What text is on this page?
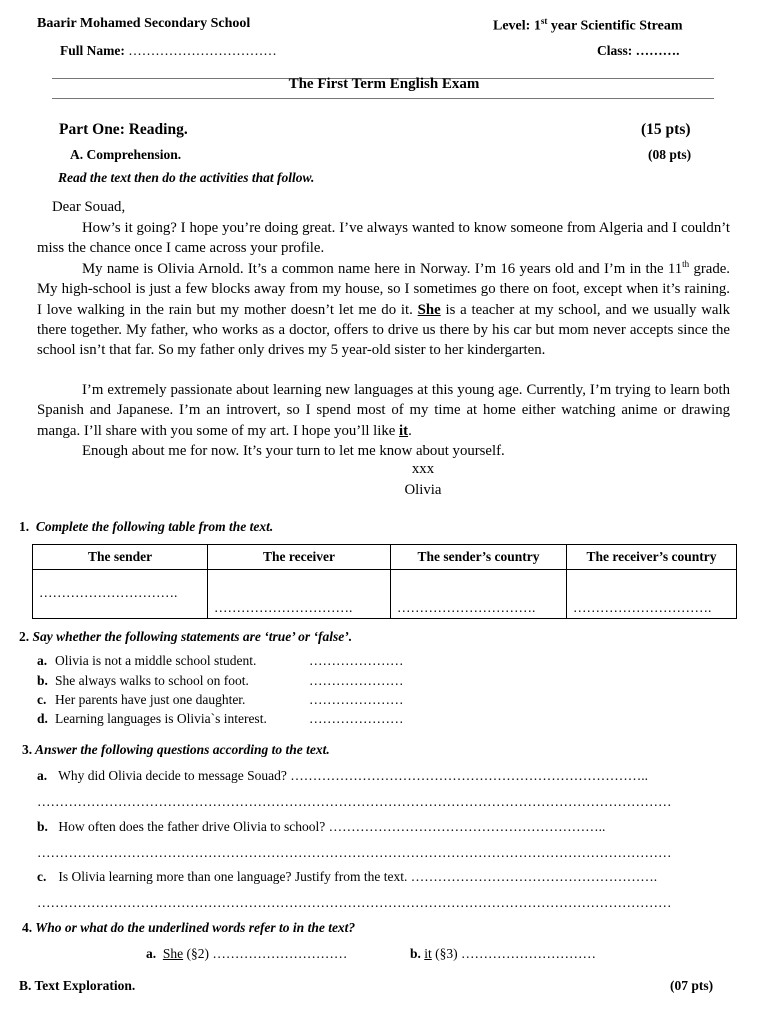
Baarir Mohamed Secondary School	Level: 1st year Scientific Stream
Full Name: ……………………………	Class: ……….
The First Term English Exam
Part One: Reading.	(15 pts)
A. Comprehension.	(08 pts)
Read the text then do the activities that follow.
Dear Souad,
How’s it going? I hope you’re doing great. I’ve always wanted to know someone from Algeria and I couldn’t miss the chance once I came across your profile.
My name is Olivia Arnold. It’s a common name here in Norway. I’m 16 years old and I’m in the 11th grade. My high-school is just a few blocks away from my house, so I sometimes go there on foot, except when it’s raining. I love walking in the rain but my mother doesn’t let me do it. She is a teacher at my school, and we usually walk there together. My father, who works as a doctor, offers to drive us there by his car but mom never accepts since the school isn’t that far. So my father only drives my 5 year-old sister to her kindergarten.
I’m extremely passionate about learning new languages at this young age. Currently, I’m trying to learn both Spanish and Japanese. I’m an introvert, so I spend most of my time at home either watching anime or drawing manga. I’ll share with you some of my art. I hope you’ll like it.
Enough about me for now. It’s your turn to let me know about yourself.
xxx
Olivia
1. Complete the following table from the text.
The sender	The receiver	The sender’s country	The receiver’s country
………………………….	………………………….	………………………….	………………………….
2. Say whether the following statements are ‘true’ or ‘false’.
a. Olivia is not a middle school student.	…………………
b. She always walks to school on foot.	…………………
c. Her parents have just one daughter.	…………………
d. Learning languages is Olivia`s interest.	…………………
3. Answer the following questions according to the text.
a. Why did Olivia decide to message Souad? ……………………………………………………………………..
……………………………………………………………………………………………………………………………
b. How often does the father drive Olivia to school? ……………………………………………………..
……………………………………………………………………………………………………………………………
c. Is Olivia learning more than one language? Justify from the text. ……………………………………………….
……………………………………………………………………………………………………………………………
4. Who or what do the underlined words refer to in the text?
a. She (§2) …………………………	b. it (§3) …………………………
B. Text Exploration.	(07 pts)
